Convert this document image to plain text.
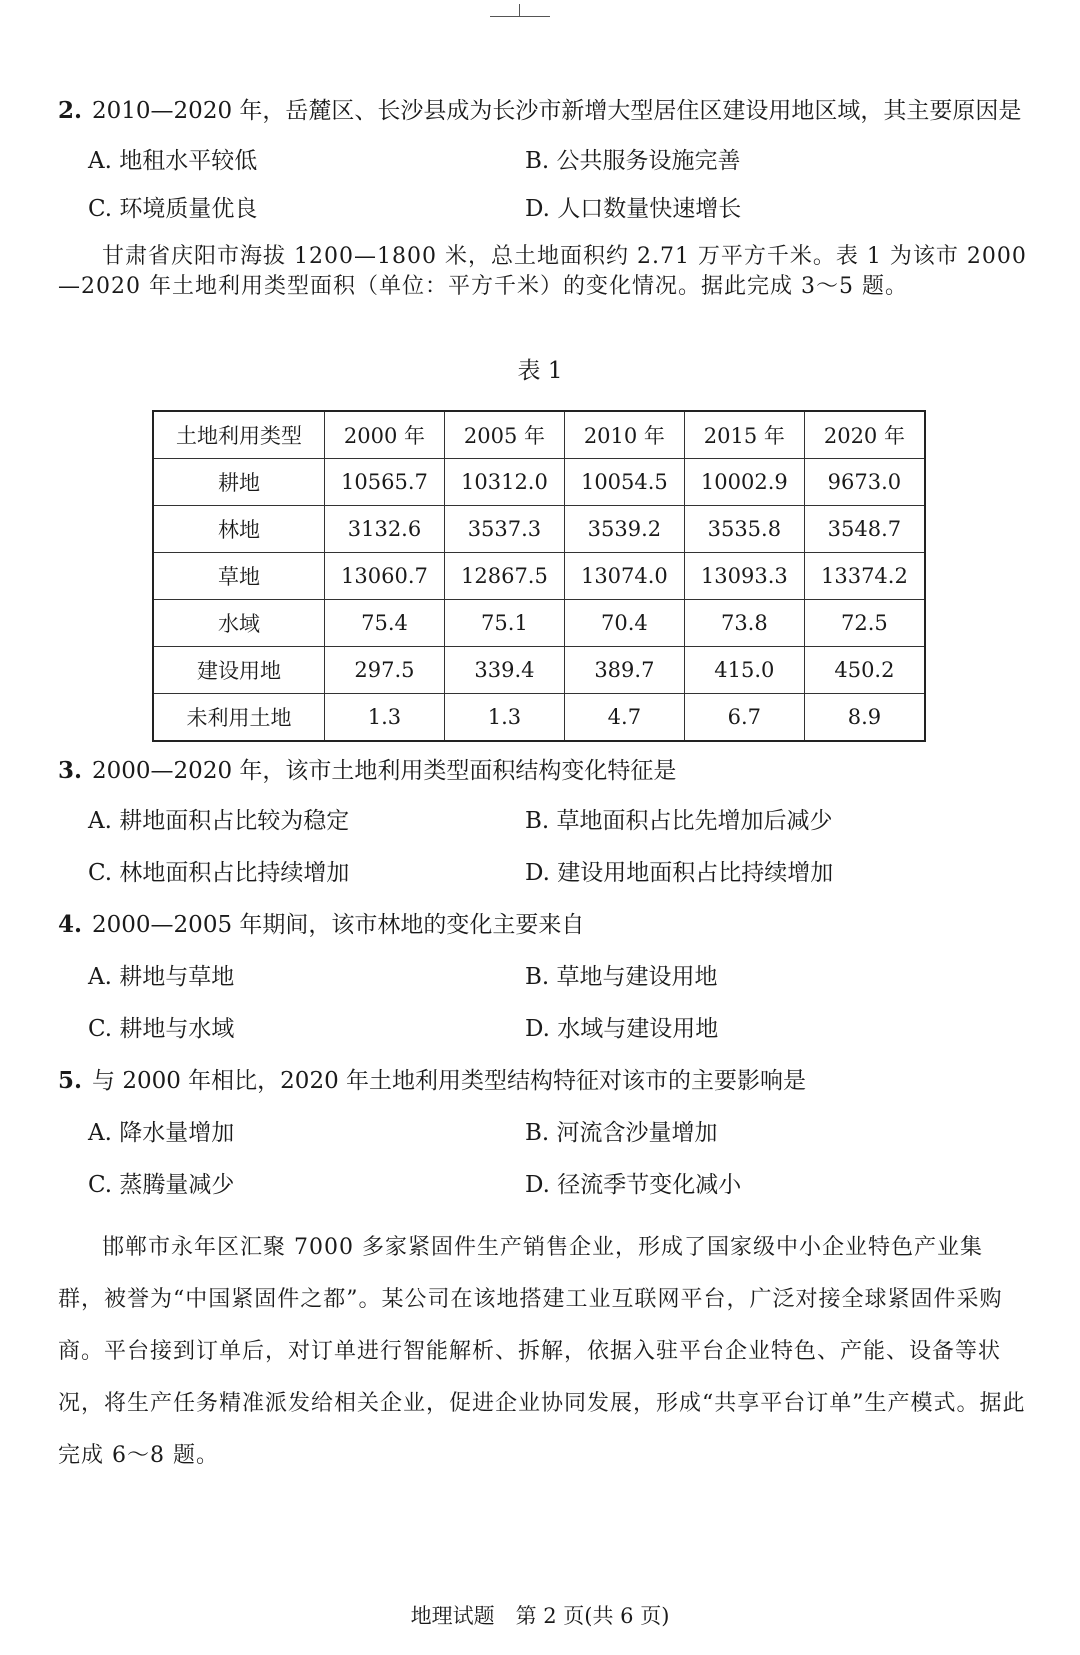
2. 2010—2020 年，岳麓区、长沙县成为长沙市新增大型居住区建设用地区域，其主要原因是
A. 地租水平较低	B. 公共服务设施完善
C. 环境质量优良	D. 人口数量快速增长
甘肃省庆阳市海拔 1200—1800 米，总土地面积约 2.71 万平方千米。表 1 为该市 2000—2020 年土地利用类型面积（单位：平方千米）的变化情况。据此完成 3～5 题。
表 1
土地利用类型	2000 年	2005 年	2010 年	2015 年	2020 年
耕地	10565.7	10312.0	10054.5	10002.9	9673.0
林地	3132.6	3537.3	3539.2	3535.8	3548.7
草地	13060.7	12867.5	13074.0	13093.3	13374.2
水域	75.4	75.1	70.4	73.8	72.5
建设用地	297.5	339.4	389.7	415.0	450.2
未利用土地	1.3	1.3	4.7	6.7	8.9
3. 2000—2020 年，该市土地利用类型面积结构变化特征是
A. 耕地面积占比较为稳定	B. 草地面积占比先增加后减少
C. 林地面积占比持续增加	D. 建设用地面积占比持续增加
4. 2000—2005 年期间，该市林地的变化主要来自
A. 耕地与草地	B. 草地与建设用地
C. 耕地与水域	D. 水域与建设用地
5. 与 2000 年相比，2020 年土地利用类型结构特征对该市的主要影响是
A. 降水量增加	B. 河流含沙量增加
C. 蒸腾量减少	D. 径流季节变化减小
邯郸市永年区汇聚 7000 多家紧固件生产销售企业，形成了国家级中小企业特色产业集群，被誉为“中国紧固件之都”。某公司在该地搭建工业互联网平台，广泛对接全球紧固件采购商。平台接到订单后，对订单进行智能解析、拆解，依据入驻平台企业特色、产能、设备等状况，将生产任务精准派发给相关企业，促进企业协同发展，形成“共享平台订单”生产模式。据此完成 6～8 题。
地理试题　第 2 页(共 6 页)
